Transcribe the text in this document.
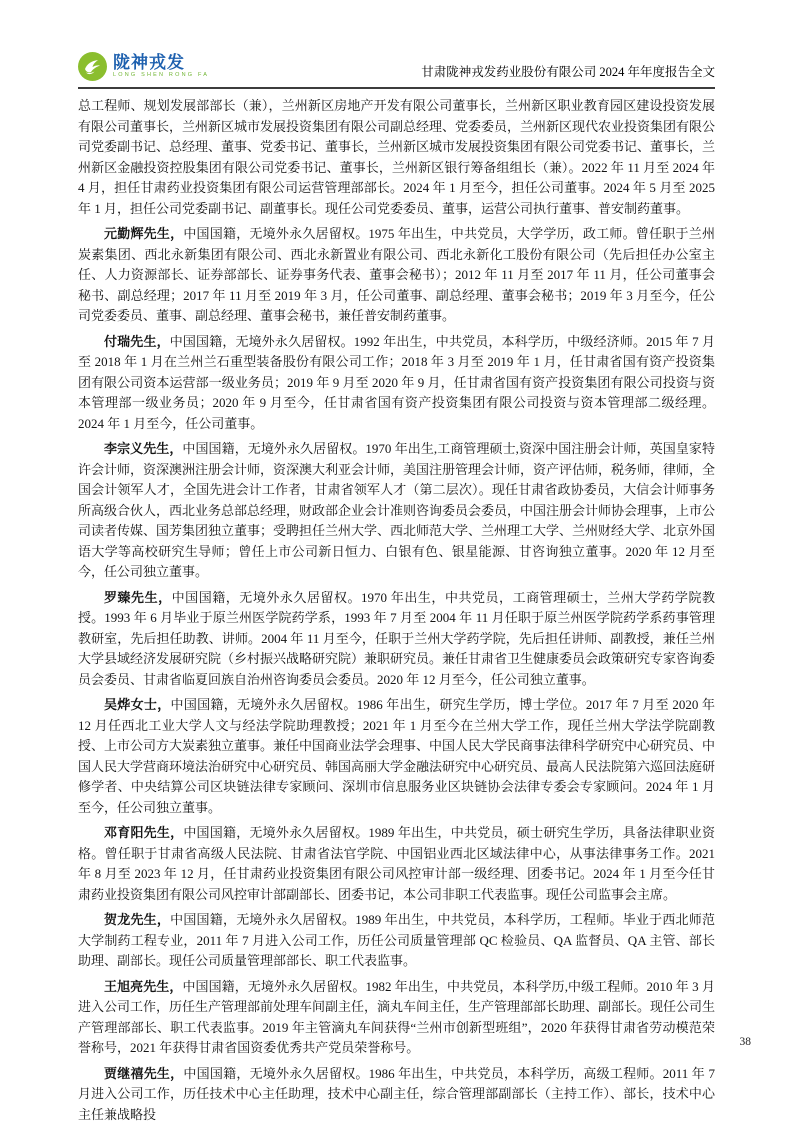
陇神戎发
LONG SHEN RONG FA	甘肃陇神戎发药业股份有限公司 2024 年年度报告全文

总工程师、规划发展部部长（兼），兰州新区房地产开发有限公司董事长，兰州新区职业教育园区建设投资发展有限公司董事长，兰州新区城市发展投资集团有限公司副总经理、党委委员，兰州新区现代农业投资集团有限公司党委副书记、总经理、董事、党委书记、董事长，兰州新区城市发展投资集团有限公司党委书记、董事长，兰州新区金融投资控股集团有限公司党委书记、董事长，兰州新区银行筹备组组长（兼）。2022 年 11 月至 2024 年 4 月，担任甘肃药业投资集团有限公司运营管理部部长。2024 年 1 月至今，担任公司董事。2024 年 5 月至 2025 年 1 月，担任公司党委副书记、副董事长。现任公司党委委员、董事，运营公司执行董事、普安制药董事。

元勤辉先生，中国国籍，无境外永久居留权。1975 年出生，中共党员，大学学历，政工师。曾任职于兰州炭素集团、西北永新集团有限公司、西北永新置业有限公司、西北永新化工股份有限公司（先后担任办公室主任、人力资源部长、证券部部长、证券事务代表、董事会秘书）；2012 年 11 月至 2017 年 11 月，任公司董事会秘书、副总经理；2017 年 11 月至 2019 年 3 月，任公司董事、副总经理、董事会秘书；2019 年 3 月至今，任公司党委委员、董事、副总经理、董事会秘书，兼任普安制药董事。

付瑞先生，中国国籍，无境外永久居留权。1992 年出生，中共党员，本科学历，中级经济师。2015 年 7 月至 2018 年 1 月在兰州兰石重型装备股份有限公司工作；2018 年 3 月至 2019 年 1 月，任甘肃省国有资产投资集团有限公司资本运营部一级业务员；2019 年 9 月至 2020 年 9 月，任甘肃省国有资产投资集团有限公司投资与资本管理部一级业务员；2020 年 9 月至今，任甘肃省国有资产投资集团有限公司投资与资本管理部二级经理。2024 年 1 月至今，任公司董事。

李宗义先生，中国国籍，无境外永久居留权。1970 年出生,工商管理硕士,资深中国注册会计师，英国皇家特许会计师，资深澳洲注册会计师，资深澳大利亚会计师，美国注册管理会计师，资产评估师，税务师，律师，全国会计领军人才，全国先进会计工作者，甘肃省领军人才（第二层次）。现任甘肃省政协委员，大信会计师事务所高级合伙人，西北业务总部总经理，财政部企业会计准则咨询委员会委员，中国注册会计师协会理事，上市公司读者传媒、国芳集团独立董事；受聘担任兰州大学、西北师范大学、兰州理工大学、兰州财经大学、北京外国语大学等高校研究生导师；曾任上市公司新日恒力、白银有色、银星能源、甘咨询独立董事。2020 年 12 月至今，任公司独立董事。

罗臻先生，中国国籍，无境外永久居留权。1970 年出生，中共党员，工商管理硕士，兰州大学药学院教授。1993 年 6 月毕业于原兰州医学院药学系，1993 年 7 月至 2004 年 11 月任职于原兰州医学院药学系药事管理教研室，先后担任助教、讲师。2004 年 11 月至今，任职于兰州大学药学院，先后担任讲师、副教授，兼任兰州大学县域经济发展研究院（乡村振兴战略研究院）兼职研究员。兼任甘肃省卫生健康委员会政策研究专家咨询委员会委员、甘肃省临夏回族自治州咨询委员会委员。2020 年 12 月至今，任公司独立董事。

吴烨女士，中国国籍，无境外永久居留权。1986 年出生，研究生学历，博士学位。2017 年 7 月至 2020 年 12 月任西北工业大学人文与经法学院助理教授；2021 年 1 月至今在兰州大学工作，现任兰州大学法学院副教授、上市公司方大炭素独立董事。兼任中国商业法学会理事、中国人民大学民商事法律科学研究中心研究员、中国人民大学营商环境法治研究中心研究员、韩国高丽大学金融法研究中心研究员、最高人民法院第六巡回法庭研修学者、中央结算公司区块链法律专家顾问、深圳市信息服务业区块链协会法律专委会专家顾问。2024 年 1 月至今，任公司独立董事。

邓育阳先生，中国国籍，无境外永久居留权。1989 年出生，中共党员，硕士研究生学历，具备法律职业资格。曾任职于甘肃省高级人民法院、甘肃省法官学院、中国铝业西北区域法律中心，从事法律事务工作。2021 年 8 月至 2023 年 12 月，任甘肃药业投资集团有限公司风控审计部一级经理、团委书记。2024 年 1 月至今任甘肃药业投资集团有限公司风控审计部副部长、团委书记，本公司非职工代表监事。现任公司监事会主席。

贺龙先生，中国国籍，无境外永久居留权。1989 年出生，中共党员，本科学历，工程师。毕业于西北师范大学制药工程专业，2011 年 7 月进入公司工作，历任公司质量管理部 QC 检验员、QA 监督员、QA 主管、部长助理、副部长。现任公司质量管理部部长、职工代表监事。

王旭亮先生，中国国籍，无境外永久居留权。1982 年出生，中共党员，本科学历,中级工程师。2010 年 3 月进入公司工作，历任生产管理部前处理车间副主任，滴丸车间主任，生产管理部部长助理、副部长。现任公司生产管理部部长、职工代表监事。2019 年主管滴丸车间获得“兰州市创新型班组”，2020 年获得甘肃省劳动模范荣誉称号，2021 年获得甘肃省国资委优秀共产党员荣誉称号。

贾继禧先生，中国国籍，无境外永久居留权。1986 年出生，中共党员，本科学历，高级工程师。2011 年 7 月进入公司工作，历任技术中心主任助理，技术中心副主任，综合管理部副部长（主持工作）、部长，技术中心主任兼战略投

38
